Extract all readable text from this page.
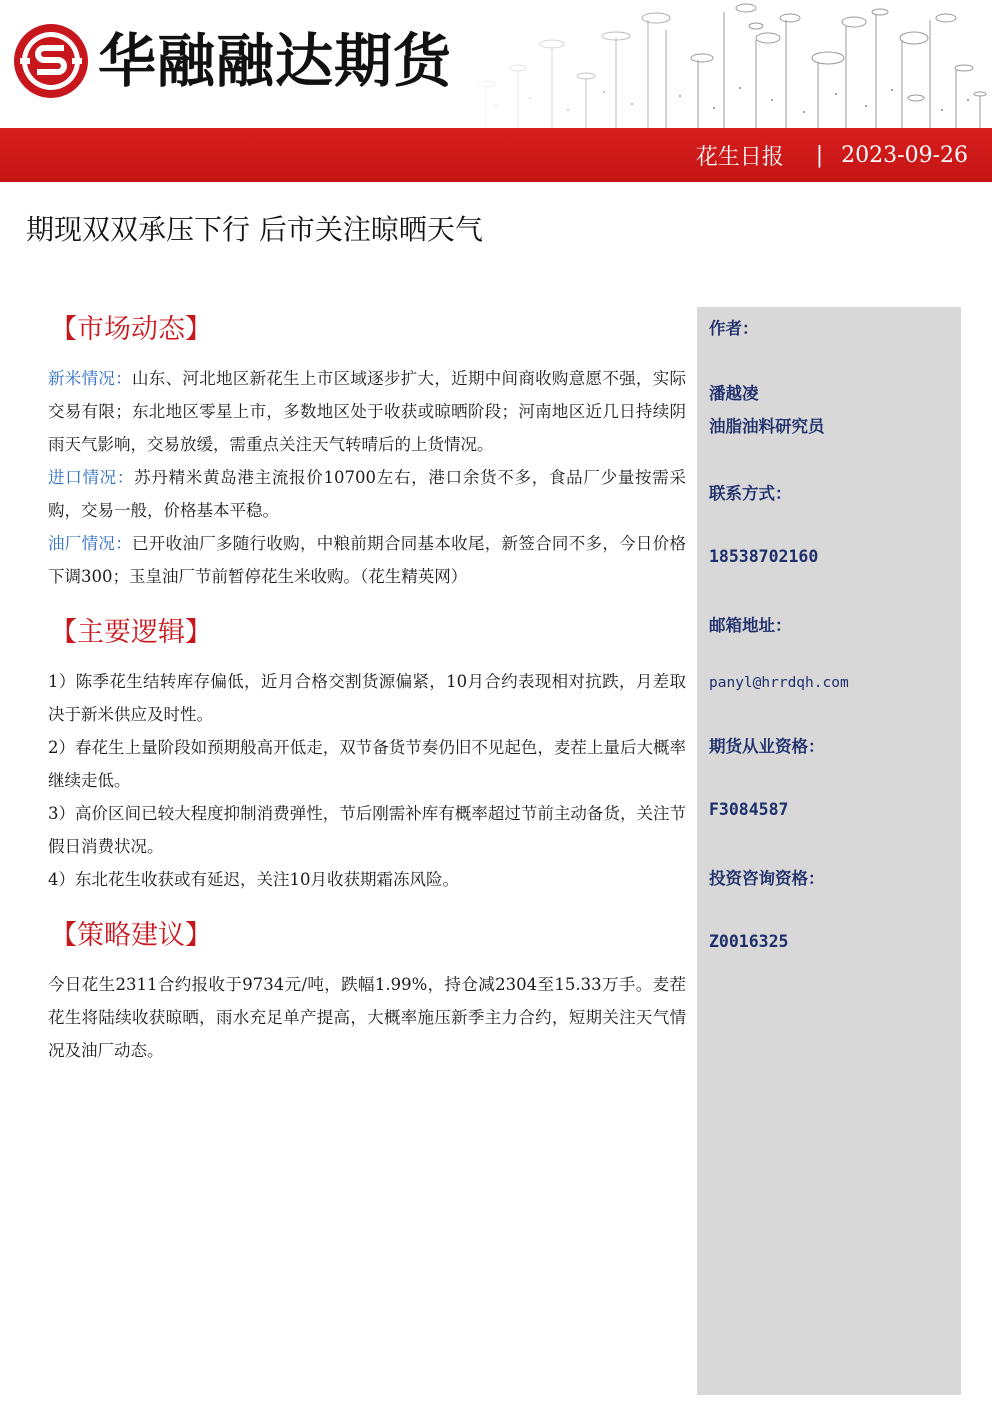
华融融达期货
花生日报 | 2023-09-26
期现双双承压下行 后市关注晾晒天气
作者：
潘越凌
油脂油料研究员
联系方式：
18538702160
邮箱地址：
panyl@hrrdqh.com
期货从业资格：
F3084587
投资咨询资格：
Z0016325
【市场动态】

新米情况：山东、河北地区新花生上市区域逐步扩大，近期中间商收购意愿不强，实际交易有限；东北地区零星上市，多数地区处于收获或晾晒阶段；河南地区近几日持续阴雨天气影响，交易放缓，需重点关注天气转晴后的上货情况。

进口情况：苏丹精米黄岛港主流报价10700左右，港口余货不多，食品厂少量按需采购，交易一般，价格基本平稳。

油厂情况：已开收油厂多随行收购，中粮前期合同基本收尾，新签合同不多，今日价格下调300；玉皇油厂节前暂停花生米收购。（花生精英网）

【主要逻辑】

1）陈季花生结转库存偏低，近月合格交割货源偏紧，10月合约表现相对抗跌，月差取决于新米供应及时性。

2）春花生上量阶段如预期般高开低走，双节备货节奏仍旧不见起色，麦茬上量后大概率继续走低。

3）高价区间已较大程度抑制消费弹性，节后刚需补库有概率超过节前主动备货，关注节假日消费状况。

4）东北花生收获或有延迟，关注10月收获期霜冻风险。

【策略建议】

今日花生2311合约报收于9734元/吨，跌幅1.99%，持仓减2304至15.33万手。麦茬花生将陆续收获晾晒，雨水充足单产提高，大概率施压新季主力合约，短期关注天气情况及油厂动态。
